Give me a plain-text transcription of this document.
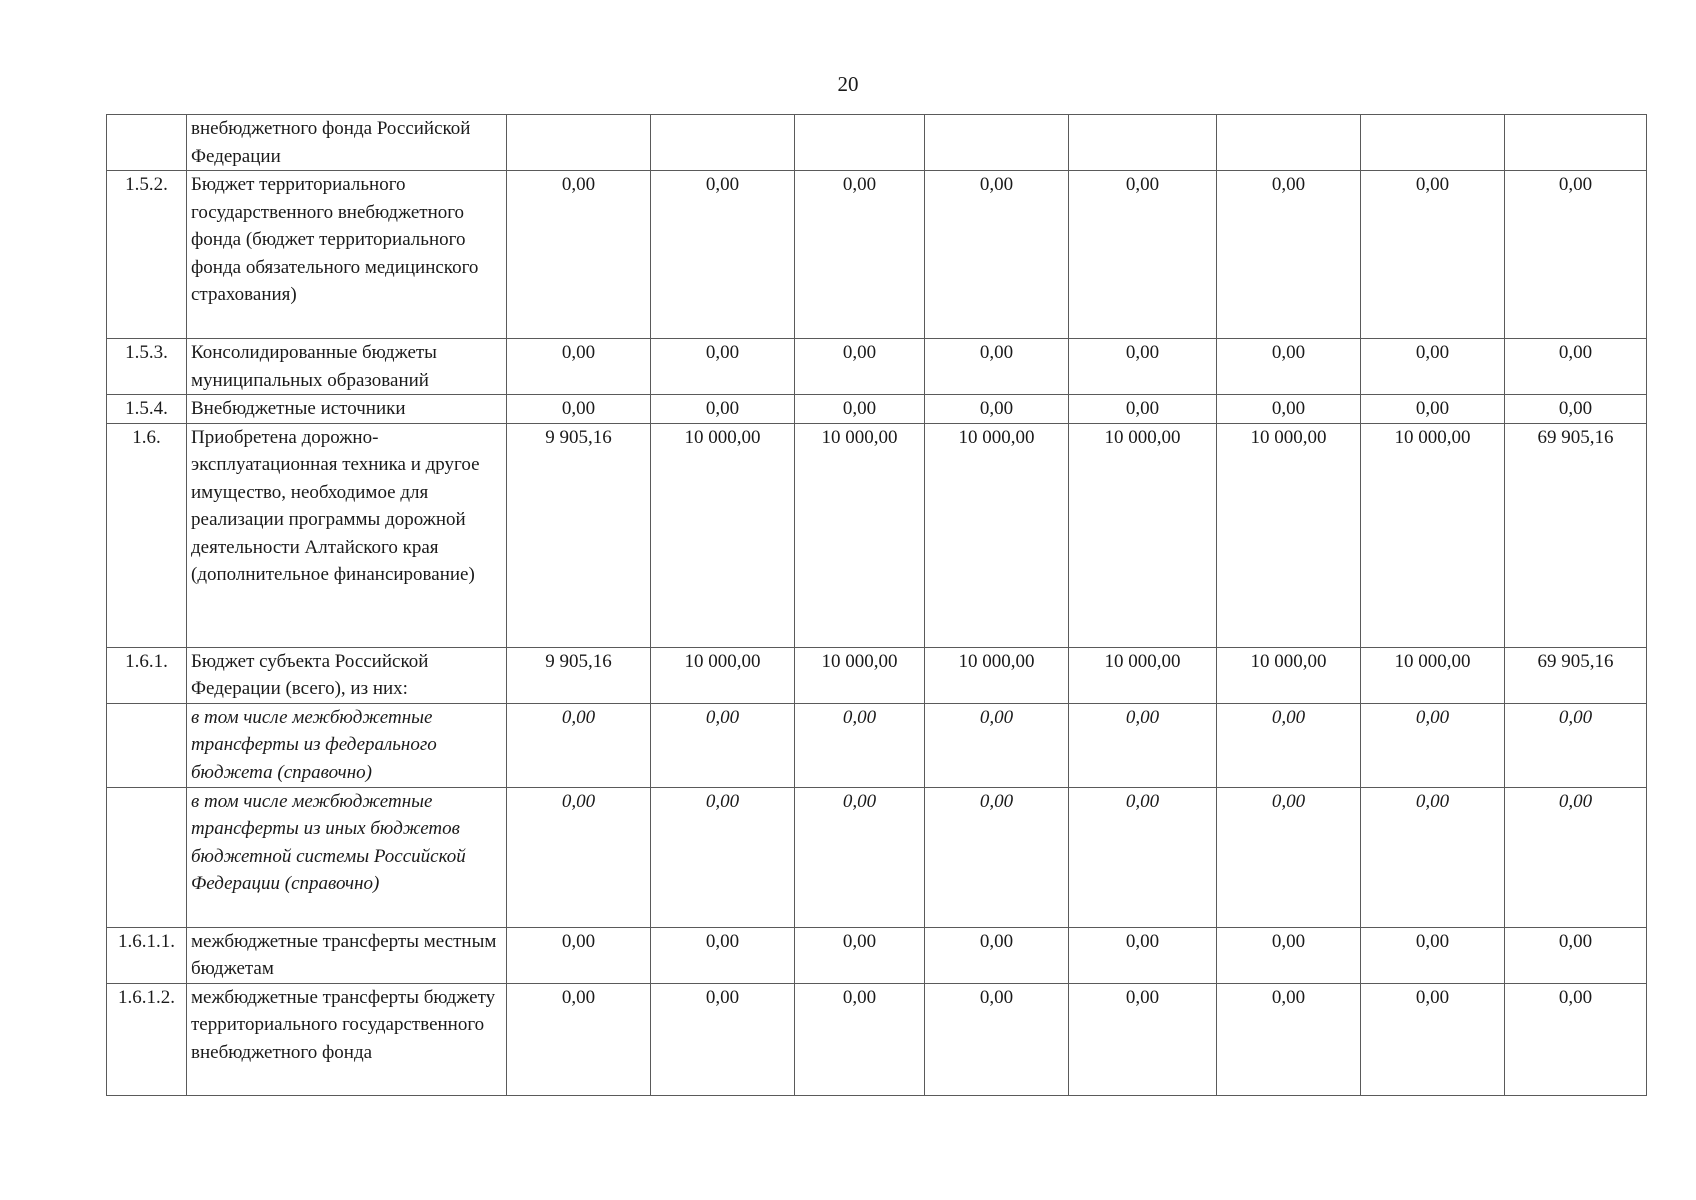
20
	внебюджетного фонда Российской Федерации								
1.5.2.	Бюджет территориального государственного внебюджетного фонда (бюджет территориального фонда обязательного медицинского страхования)	0,00	0,00	0,00	0,00	0,00	0,00	0,00	0,00
1.5.3.	Консолидированные бюджеты муниципальных образований	0,00	0,00	0,00	0,00	0,00	0,00	0,00	0,00
1.5.4.	Внебюджетные источники	0,00	0,00	0,00	0,00	0,00	0,00	0,00	0,00
1.6.	Приобретена дорожно-эксплуатационная техника и другое имущество, необходимое для реализации программы дорожной деятельности Алтайского края (дополнительное финансирование)	9 905,16	10 000,00	10 000,00	10 000,00	10 000,00	10 000,00	10 000,00	69 905,16
1.6.1.	Бюджет субъекта Российской Федерации (всего), из них:	9 905,16	10 000,00	10 000,00	10 000,00	10 000,00	10 000,00	10 000,00	69 905,16
	в том числе межбюджетные трансферты из федерального бюджета (справочно)	0,00	0,00	0,00	0,00	0,00	0,00	0,00	0,00
	в том числе межбюджетные трансферты из иных бюджетов бюджетной системы Российской Федерации (справочно)	0,00	0,00	0,00	0,00	0,00	0,00	0,00	0,00
1.6.1.1.	межбюджетные трансферты местным бюджетам	0,00	0,00	0,00	0,00	0,00	0,00	0,00	0,00
1.6.1.2.	межбюджетные трансферты бюджету территориального государственного внебюджетного фонда	0,00	0,00	0,00	0,00	0,00	0,00	0,00	0,00
